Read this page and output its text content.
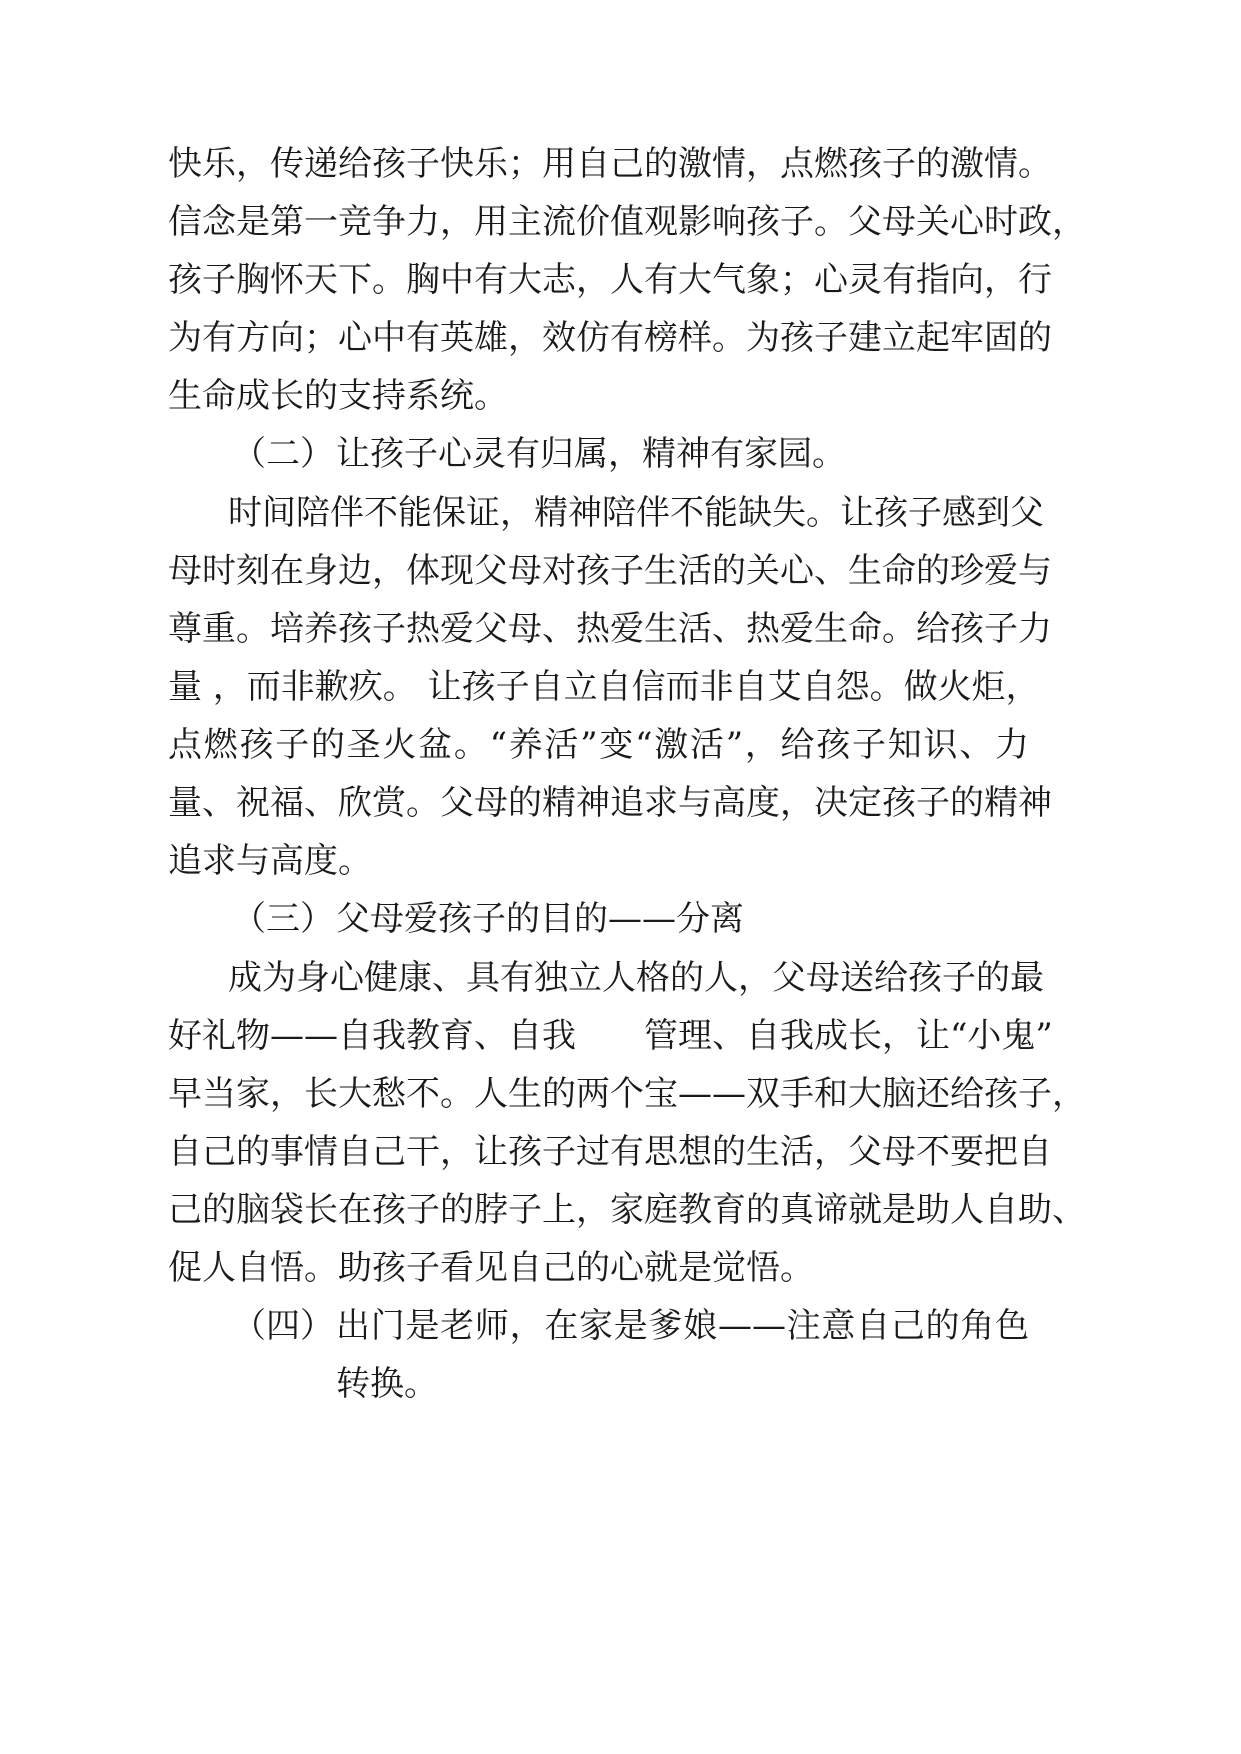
快乐，传递给孩子快乐；用自己的激情，点燃孩子的激情。

信念是第一竞争力，用主流价值观影响孩子。父母关心时政，

孩子胸怀天下。胸中有大志，人有大气象；心灵有指向，行

为有方向；心中有英雄，效仿有榜样。为孩子建立起牢固的

生命成长的支持系统。

（二） 让孩子心灵有归属，精神有家园。

时间陪伴不能保证，精神陪伴不能缺失。让孩子感到父

母时刻在身边，体现父母对孩子生活的关心、生命的珍爱与

尊重。培养孩子热爱父母、热爱生活、热爱生命。给孩子力

量 ，而非歉疚。 让孩子自立自信而非自艾自怨。做火炬，

点燃孩子的圣火盆。“养活”变“激活”，给孩子知识、力

量、祝福、欣赏。父母的精神追求与高度，决定孩子的精神

追求与高度。

（三） 父母爱孩子的目的——分离

成为身心健康、具有独立人格的人，父母送给孩子的最

好礼物——自我教育、自我　　管理、自我成长，让“小鬼”

早当家，长大愁不。人生的两个宝——双手和大脑还给孩子，

自己的事情自己干，让孩子过有思想的生活，父母不要把自

己的脑袋长在孩子的脖子上，家庭教育的真谛就是助人自助、

促人自悟。助孩子看见自己的心就是觉悟。

（四） 出门是老师，在家是爹娘——注意自己的角色

转换。
